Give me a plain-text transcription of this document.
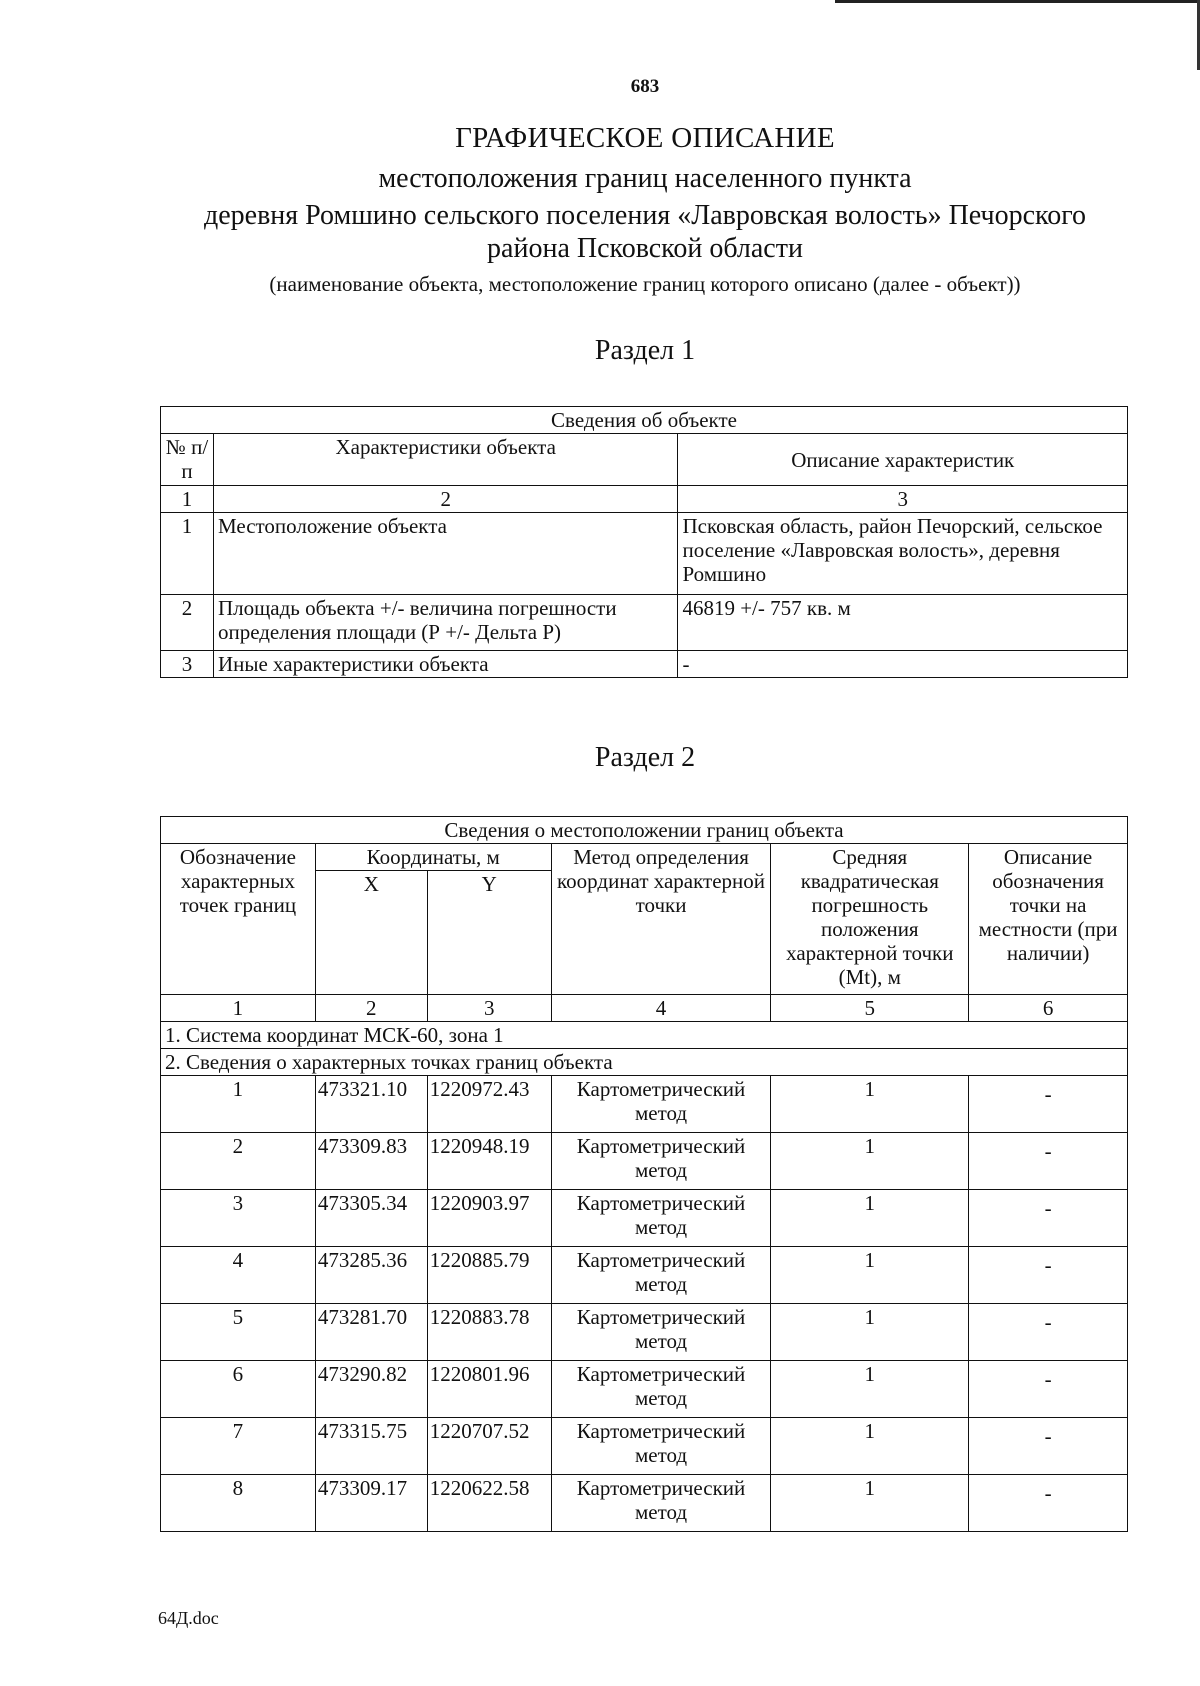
683
ГРАФИЧЕСКОЕ ОПИСАНИЕ
местоположения границ населенного пункта
деревня Ромшино сельского поселения «Лавровская волость» Печорского
района Псковской области
(наименование объекта, местоположение границ которого описано (далее - объект))
Раздел 1
Сведения об объекте		
№ п/п	Характеристики объекта	Описание характеристик
1	2	3
1	Местоположение объекта	Псковская область, район Печорский, сельское поселение «Лавровская волость», деревня Ромшино
2	Площадь объекта +/- величина погрешности определения площади (Р +/- Дельта Р)	46819 +/- 757 кв. м
3	Иные характеристики объекта	-
Раздел 2
Сведения о местоположении границ объекта					
Обозначение характерных точек границ	Координаты, м		Метод определения координат характерной точки	Средняя квадратическая погрешность положения характерной точки (Mt), м	Описание обозначения точки на местности (при наличии)
	X	Y			
1	2	3	4	5	6
1. Система координат МСК-60, зона 1					
2. Сведения о характерных точках границ объекта					
1	473321.10	1220972.43	Картометрический метод	1	-
2	473309.83	1220948.19	Картометрический метод	1	-
3	473305.34	1220903.97	Картометрический метод	1	-
4	473285.36	1220885.79	Картометрический метод	1	-
5	473281.70	1220883.78	Картометрический метод	1	-
6	473290.82	1220801.96	Картометрический метод	1	-
7	473315.75	1220707.52	Картометрический метод	1	-
8	473309.17	1220622.58	Картометрический метод	1	-
64Д.doc
